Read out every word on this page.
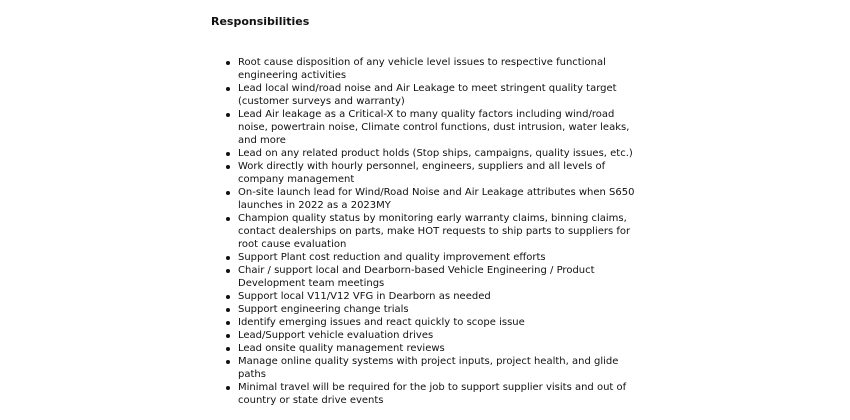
Responsibilities
Root cause disposition of any vehicle level issues to respective functional engineering activities
Lead local wind/road noise and Air Leakage to meet stringent quality target (customer surveys and warranty)
Lead Air leakage as a Critical-X to many quality factors including wind/road noise, powertrain noise, Climate control functions, dust intrusion, water leaks, and more
Lead on any related product holds (Stop ships, campaigns, quality issues, etc.)
Work directly with hourly personnel, engineers, suppliers and all levels of company management
On-site launch lead for Wind/Road Noise and Air Leakage attributes when S650 launches in 2022 as a 2023MY
Champion quality status by monitoring early warranty claims, binning claims, contact dealerships on parts, make HOT requests to ship parts to suppliers for root cause evaluation
Support Plant cost reduction and quality improvement efforts
Chair / support local and Dearborn-based Vehicle Engineering / Product Development team meetings
Support local V11/V12 VFG in Dearborn as needed
Support engineering change trials
Identify emerging issues and react quickly to scope issue
Lead/Support vehicle evaluation drives
Lead onsite quality management reviews
Manage online quality systems with project inputs, project health, and glide paths
Minimal travel will be required for the job to support supplier visits and out of country or state drive events
